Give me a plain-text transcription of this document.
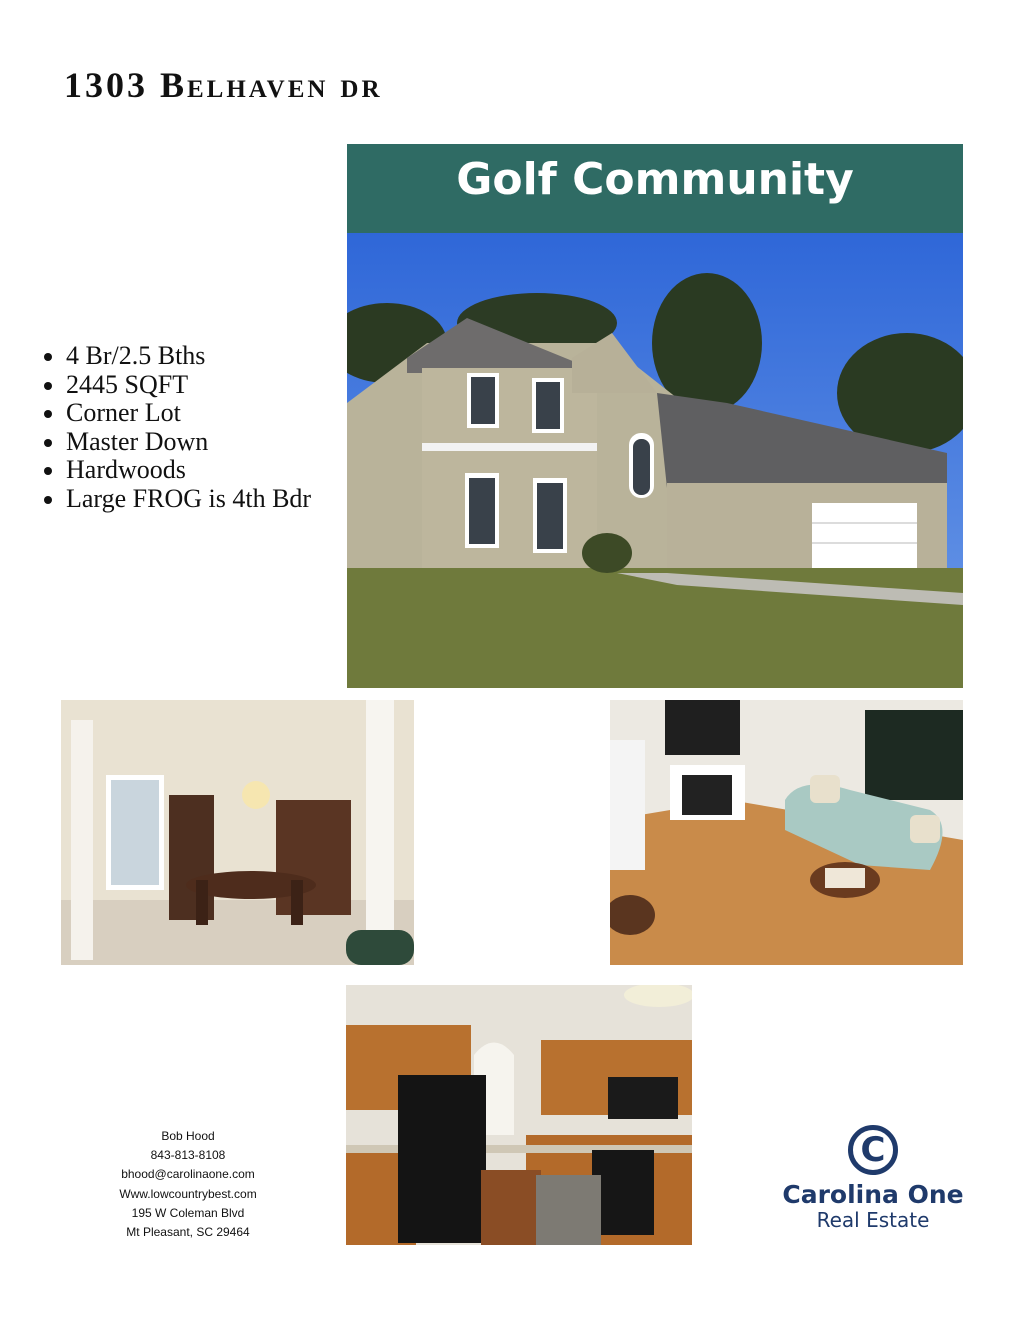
1303 Belhaven dr
Golf Community
• 4 Br/2.5 Bths
• 2445 SQFT
• Corner Lot
• Master Down
• Hardwoods
• Large FROG is 4th Bdr
Bob Hood
843-813-8108
bhood@carolinaone.com
Www.lowcountrybest.com
195 W Coleman Blvd
Mt Pleasant, SC 29464
C
Carolina One
Real Estate
